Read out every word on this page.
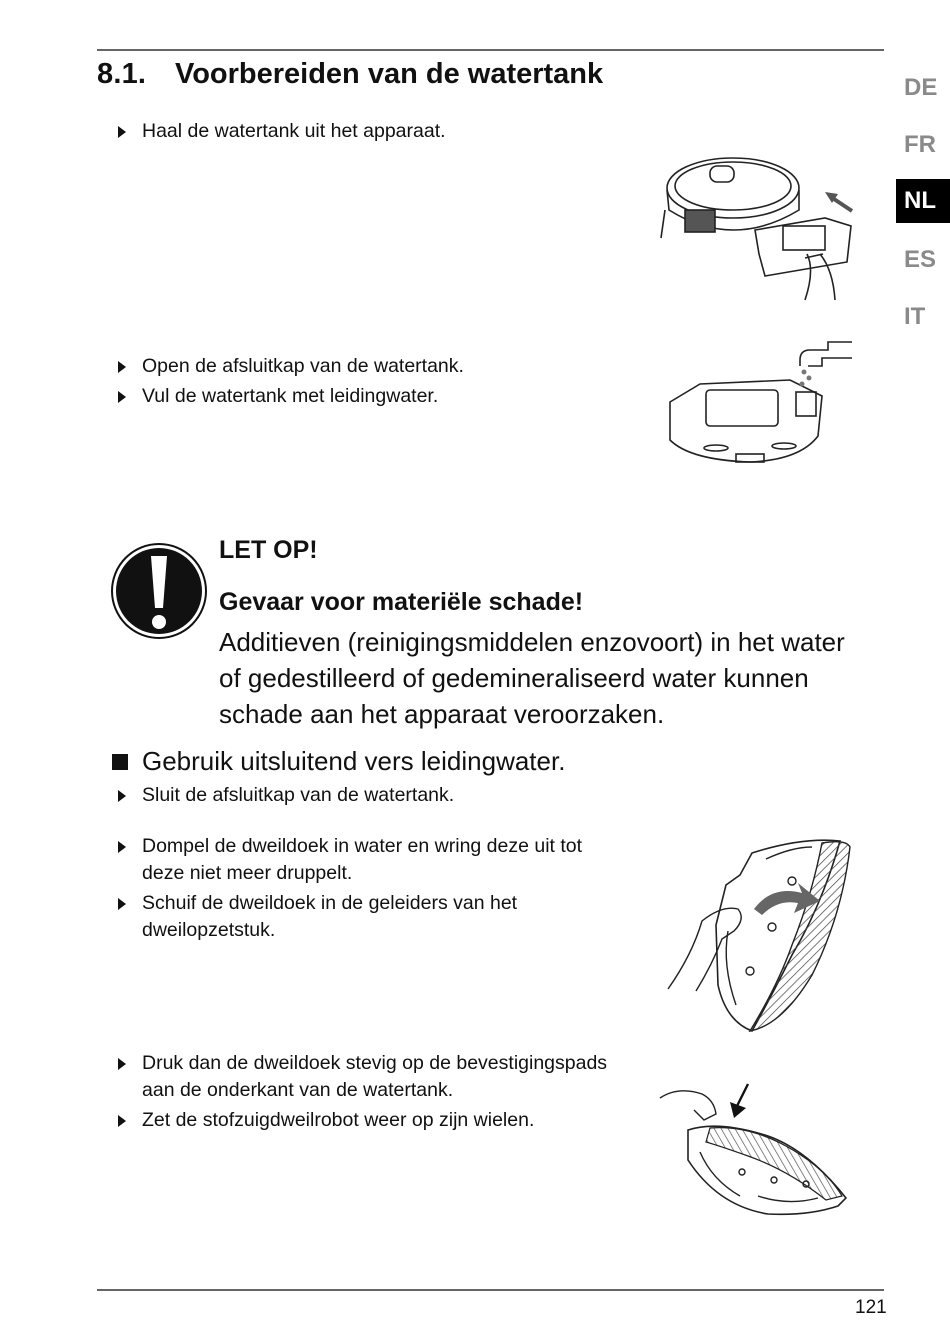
8.1. Voorbereiden van de watertank	DE
FR
NL
ES
IT
Haal de watertank uit het apparaat.
Open de afsluitkap van de watertank.
Vul de watertank met leidingwater.
LET OP!
Gevaar voor materiële schade!
Additieven (reinigingsmiddelen enzovoort) in het water of gedestilleerd of gedemineraliseerd water kunnen schade aan het apparaat veroorzaken.
Gebruik uitsluitend vers leidingwater.
Sluit de afsluitkap van de watertank.
Dompel de dweildoek in water en wring deze uit tot deze niet meer druppelt.
Schuif de dweildoek in de geleiders van het dweilopzetstuk.
Druk dan de dweildoek stevig op de bevestigingspads aan de onderkant van de watertank.
Zet de stofzuigdweilrobot weer op zijn wielen.
121
